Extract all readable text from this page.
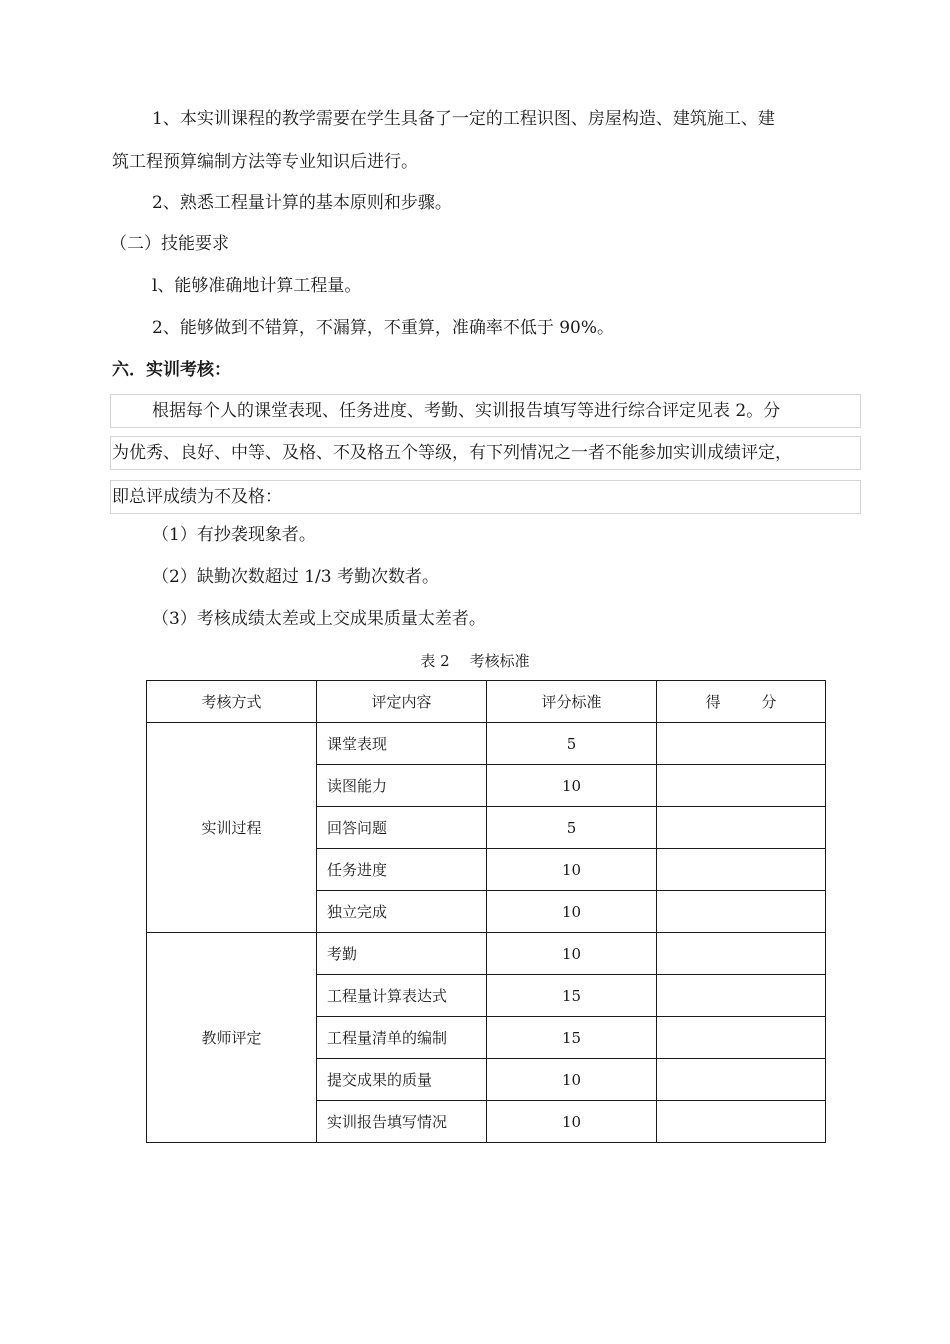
1、本实训课程的教学需要在学生具备了一定的工程识图、房屋构造、建筑施工、建
筑工程预算编制方法等专业知识后进行。
2、熟悉工程量计算的基本原则和步骤。
（二）技能要求
l、能够准确地计算工程量。
2、能够做到不错算，不漏算，不重算，准确率不低于 90%。
六．实训考核：
根据每个人的课堂表现、任务进度、考勤、实训报告填写等进行综合评定见表 2。分
为优秀、良好、中等、及格、不及格五个等级，有下列情况之一者不能参加实训成绩评定，
即总评成绩为不及格：
（1）有抄袭现象者。
（2）缺勤次数超过 1/3 考勤次数者。
（3）考核成绩太差或上交成果质量太差者。
表 2 考核标准
考核方式	评定内容	评分标准	得 分
实训过程	课堂表现	5	
	读图能力	10	
	回答问题	5	
	任务进度	10	
	独立完成	10	
教师评定	考勤	10	
	工程量计算表达式	15	
	工程量清单的编制	15	
	提交成果的质量	10	
	实训报告填写情况	10	
